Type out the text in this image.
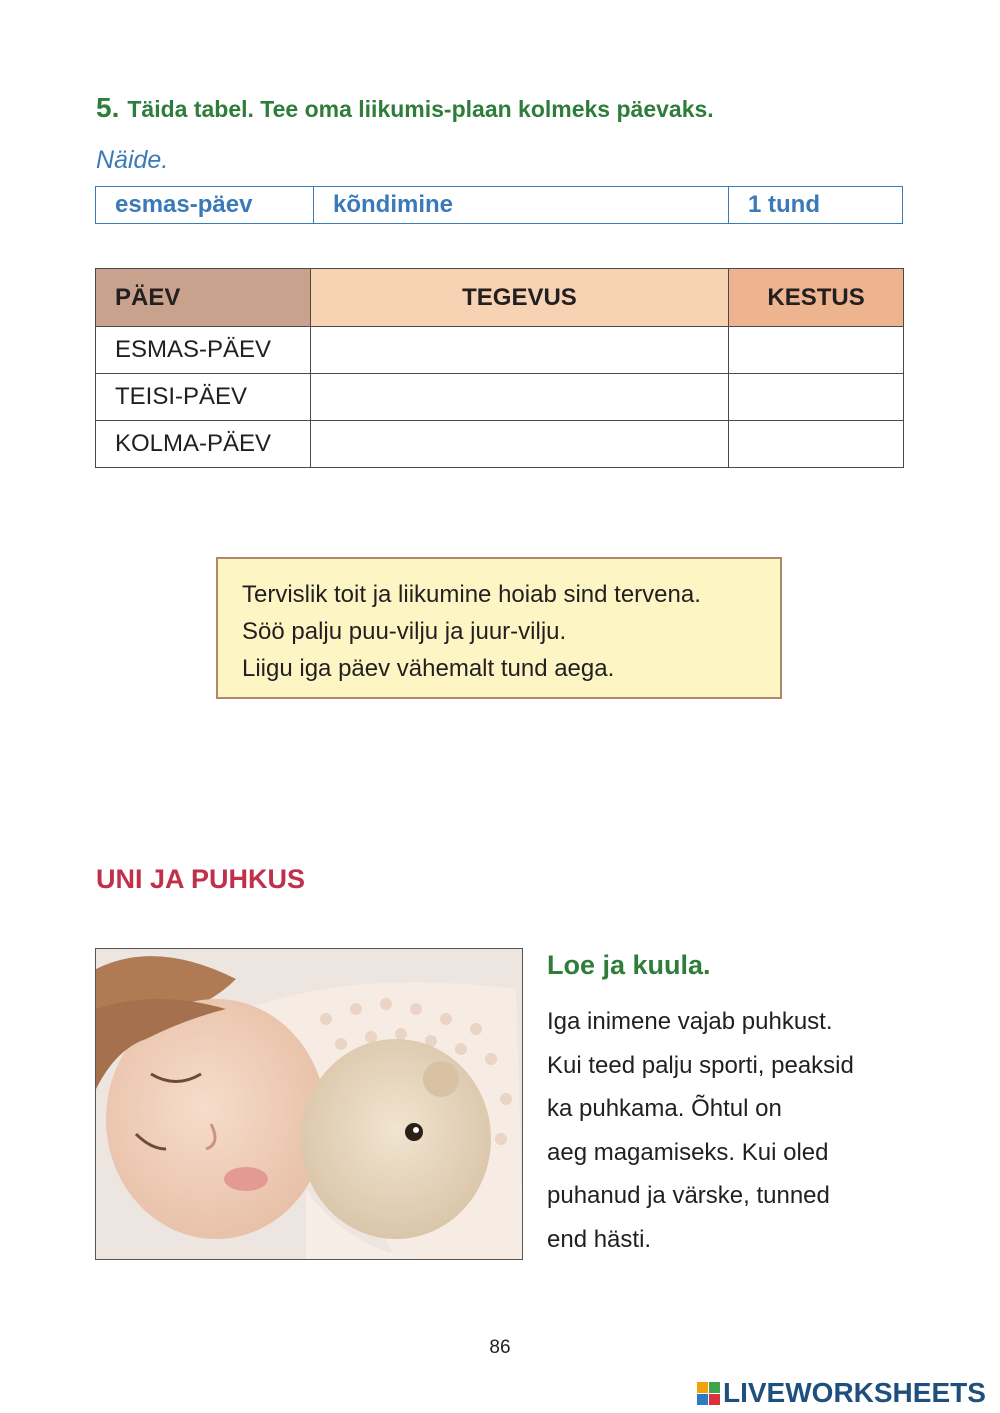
5. Täida tabel. Tee oma liikumis-plaan kolmeks päevaks.
Näide.
esmas-päev	kõndimine	1 tund
PÄEV	TEGEVUS	KESTUS
ESMAS-PÄEV		
TEISI-PÄEV		
KOLMA-PÄEV		
Tervislik toit ja liikumine hoiab sind tervena.
Söö palju puu-vilju ja juur-vilju.
Liigu iga päev vähemalt tund aega.
UNI JA PUHKUS
Loe ja kuula.
Iga inimene vajab puhkust.
Kui teed palju sporti, peaksid
ka puhkama. Õhtul on
aeg magamiseks. Kui oled
puhanud ja värske, tunned
end hästi.
86
LIVEWORKSHEETS
